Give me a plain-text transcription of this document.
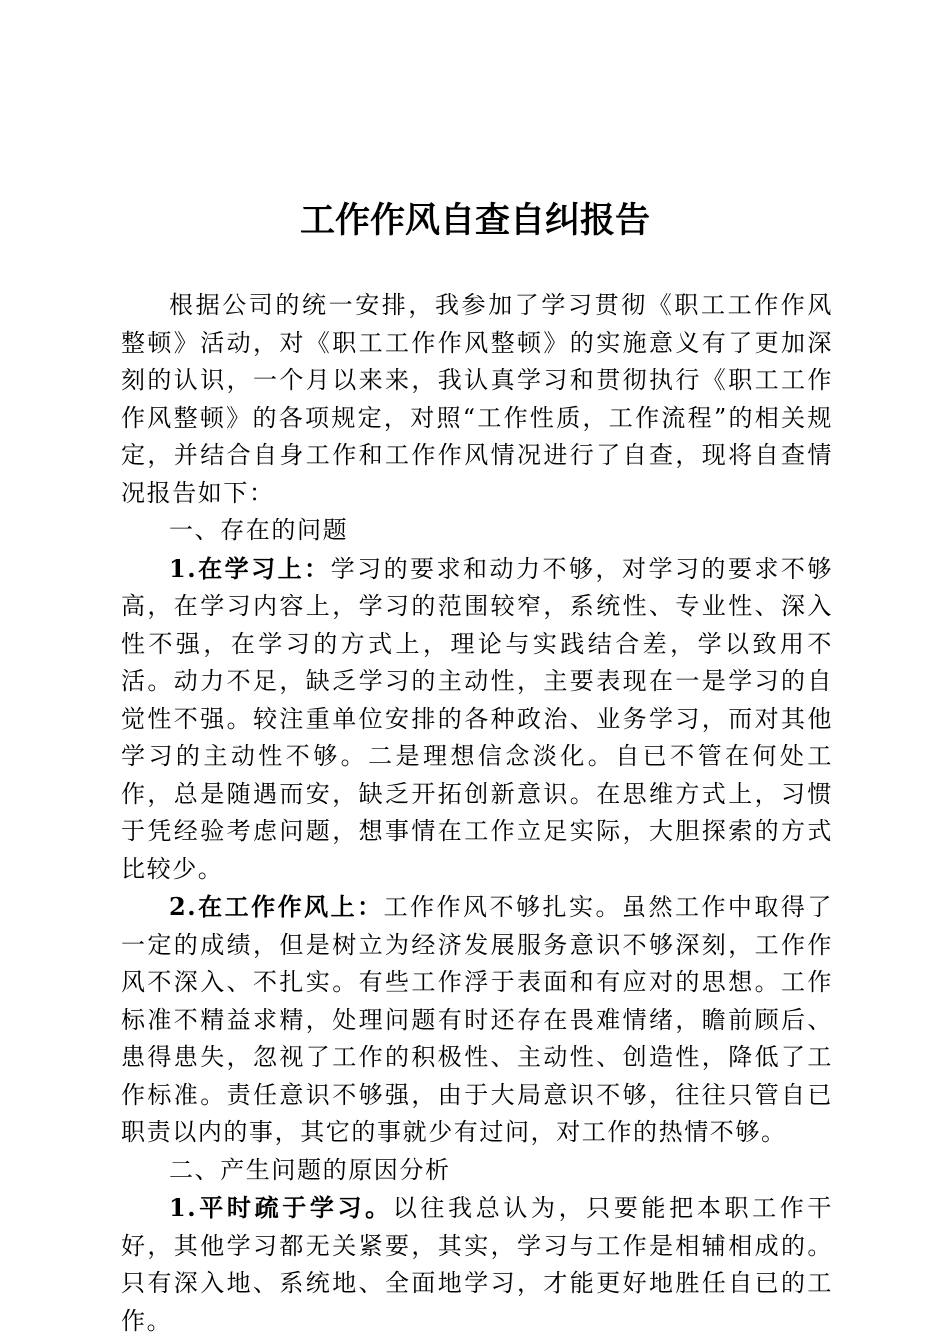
工作作风自查自纠报告

根据公司的统一安排，我参加了学习贯彻《职工工作作风整顿》活动，对《职工工作作风整顿》的实施意义有了更加深刻的认识，一个月以来来，我认真学习和贯彻执行《职工工作作风整顿》的各项规定，对照“工作性质，工作流程”的相关规定，并结合自身工作和工作作风情况进行了自查，现将自查情况报告如下：

一、存在的问题

1.在学习上：学习的要求和动力不够，对学习的要求不够高，在学习内容上，学习的范围较窄，系统性、专业性、深入性不强，在学习的方式上，理论与实践结合差，学以致用不活。动力不足，缺乏学习的主动性，主要表现在一是学习的自觉性不强。较注重单位安排的各种政治、业务学习，而对其他学习的主动性不够。二是理想信念淡化。自已不管在何处工作，总是随遇而安，缺乏开拓创新意识。在思维方式上，习惯于凭经验考虑问题，想事情在工作立足实际，大胆探索的方式比较少。

2.在工作作风上：工作作风不够扎实。虽然工作中取得了一定的成绩，但是树立为经济发展服务意识不够深刻，工作作风不深入、不扎实。有些工作浮于表面和有应对的思想。工作标准不精益求精，处理问题有时还存在畏难情绪，瞻前顾后、患得患失，忽视了工作的积极性、主动性、创造性，降低了工作标准。责任意识不够强，由于大局意识不够，往往只管自已职责以内的事，其它的事就少有过问，对工作的热情不够。

二、产生问题的原因分析

1.平时疏于学习。以往我总认为，只要能把本职工作干好，其他学习都无关紧要，其实，学习与工作是相辅相成的。只有深入地、系统地、全面地学习，才能更好地胜任自已的工作。
